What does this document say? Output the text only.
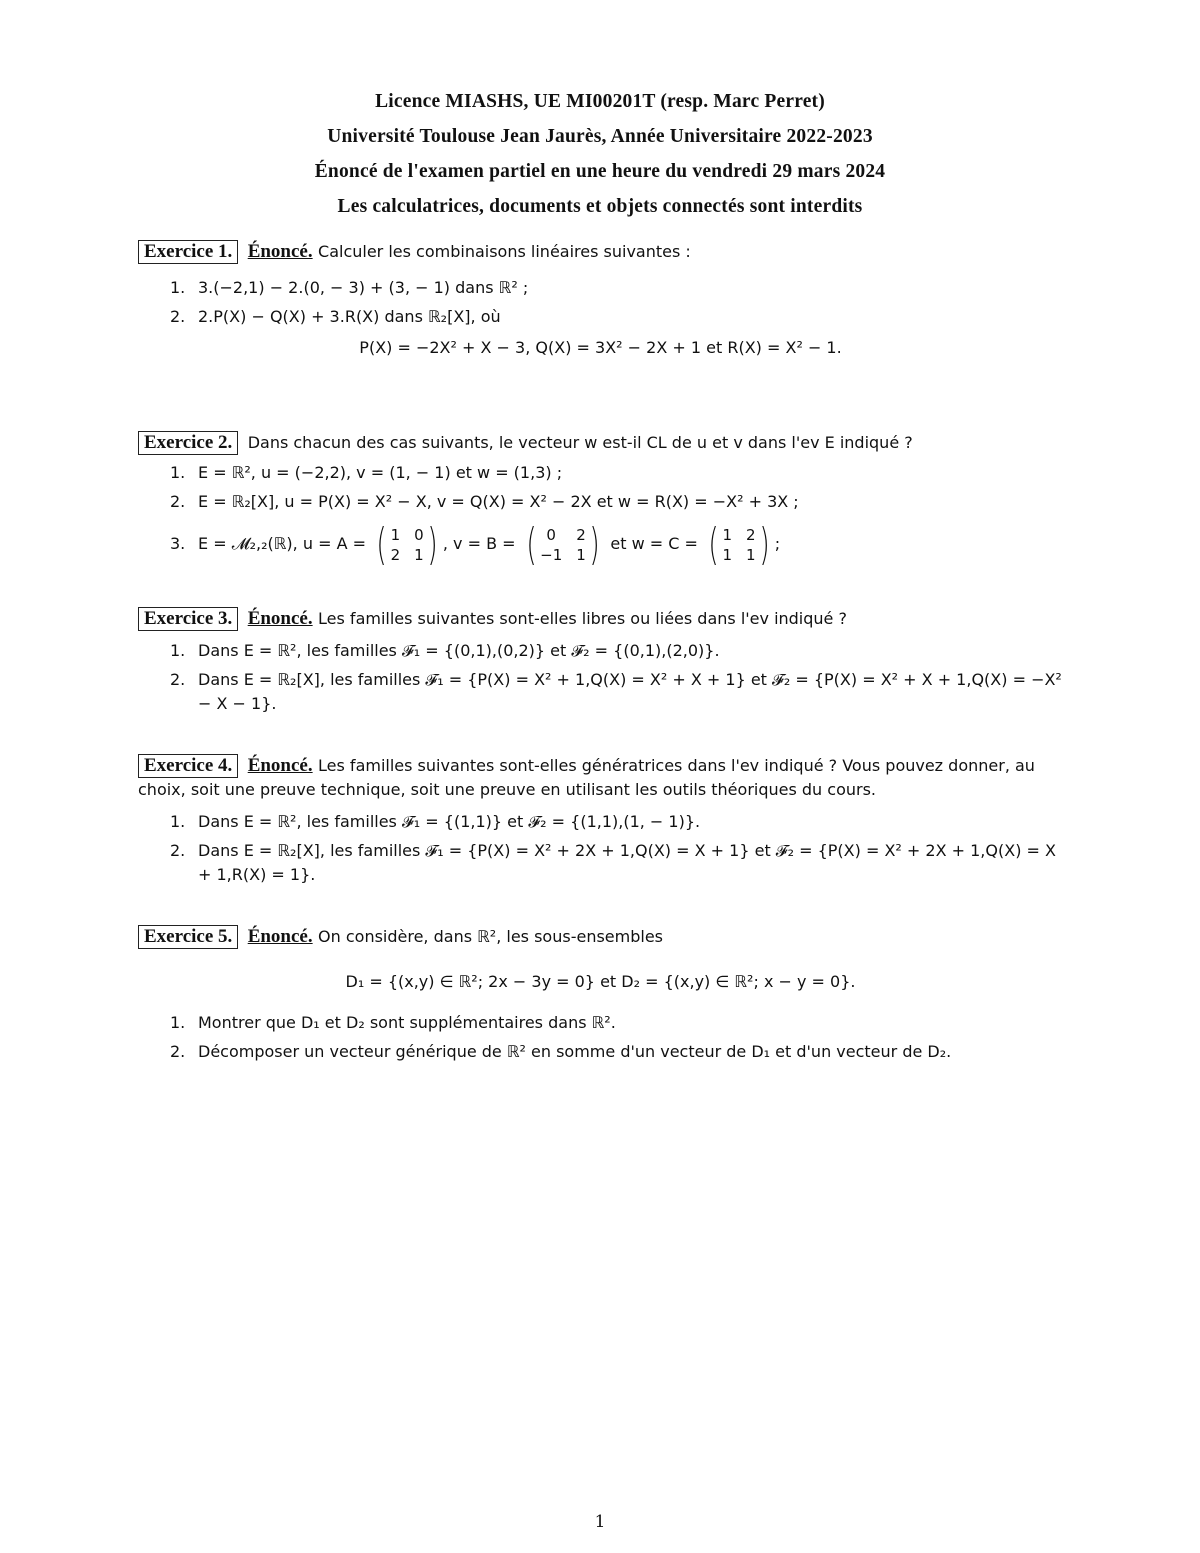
Licence MIASHS, UE MI00201T (resp. Marc Perret)
Université Toulouse Jean Jaurès, Année Universitaire 2022-2023
Énoncé de l'examen partiel en une heure du vendredi 29 mars 2024
Les calculatrices, documents et objets connectés sont interdits
Exercice 1. Énoncé. Calculer les combinaisons linéaires suivantes :
1. 3.(−2,1) − 2.(0, − 3) + (3, − 1) dans ℝ² ;
2. 2.P(X) − Q(X) + 3.R(X) dans ℝ₂[X], où
P(X) = −2X² + X − 3, Q(X) = 3X² − 2X + 1 et R(X) = X² − 1.
Exercice 2. Dans chacun des cas suivants, le vecteur w est-il CL de u et v dans l'ev E indiqué ?
1. E = ℝ², u = (−2,2), v = (1, − 1) et w = (1,3) ;
2. E = ℝ₂[X], u = P(X) = X² − X, v = Q(X) = X² − 2X et w = R(X) = −X² + 3X ;
3. E = 𝓜₂,₂(ℝ), u = A = ( 1 0
2 1 ) , v = B = ( 0	2
−1 1 ) et w = C = ( 1 2
1 1 ) ;
Exercice 3. Énoncé. Les familles suivantes sont-elles libres ou liées dans l'ev indiqué ?
1. Dans E = ℝ², les familles 𝓕₁ = {(0,1),(0,2)} et 𝓕₂ = {(0,1),(2,0)}.
2. Dans E = ℝ₂[X], les familles 𝓕₁ = {P(X) = X² + 1,Q(X) = X² + X + 1} et 𝓕₂ = {P(X) = X² + X + 1,Q(X) = −X² − X − 1}.
Exercice 4. Énoncé. Les familles suivantes sont-elles génératrices dans l'ev indiqué ? Vous pouvez donner, au choix, soit une preuve technique, soit une preuve en utilisant les outils théoriques du cours.
1. Dans E = ℝ², les familles 𝓕₁ = {(1,1)} et 𝓕₂ = {(1,1),(1, − 1)}.
2. Dans E = ℝ₂[X], les familles 𝓕₁ = {P(X) = X² + 2X + 1,Q(X) = X + 1} et 𝓕₂ = {P(X) = X² + 2X + 1,Q(X) = X + 1,R(X) = 1}.
Exercice 5. Énoncé. On considère, dans ℝ², les sous-ensembles
D₁ = {(x,y) ∈ ℝ²; 2x − 3y = 0} et D₂ = {(x,y) ∈ ℝ²; x − y = 0}.
1. Montrer que D₁ et D₂ sont supplémentaires dans ℝ².
2. Décomposer un vecteur générique de ℝ² en somme d'un vecteur de D₁ et d'un vecteur de D₂.
1
